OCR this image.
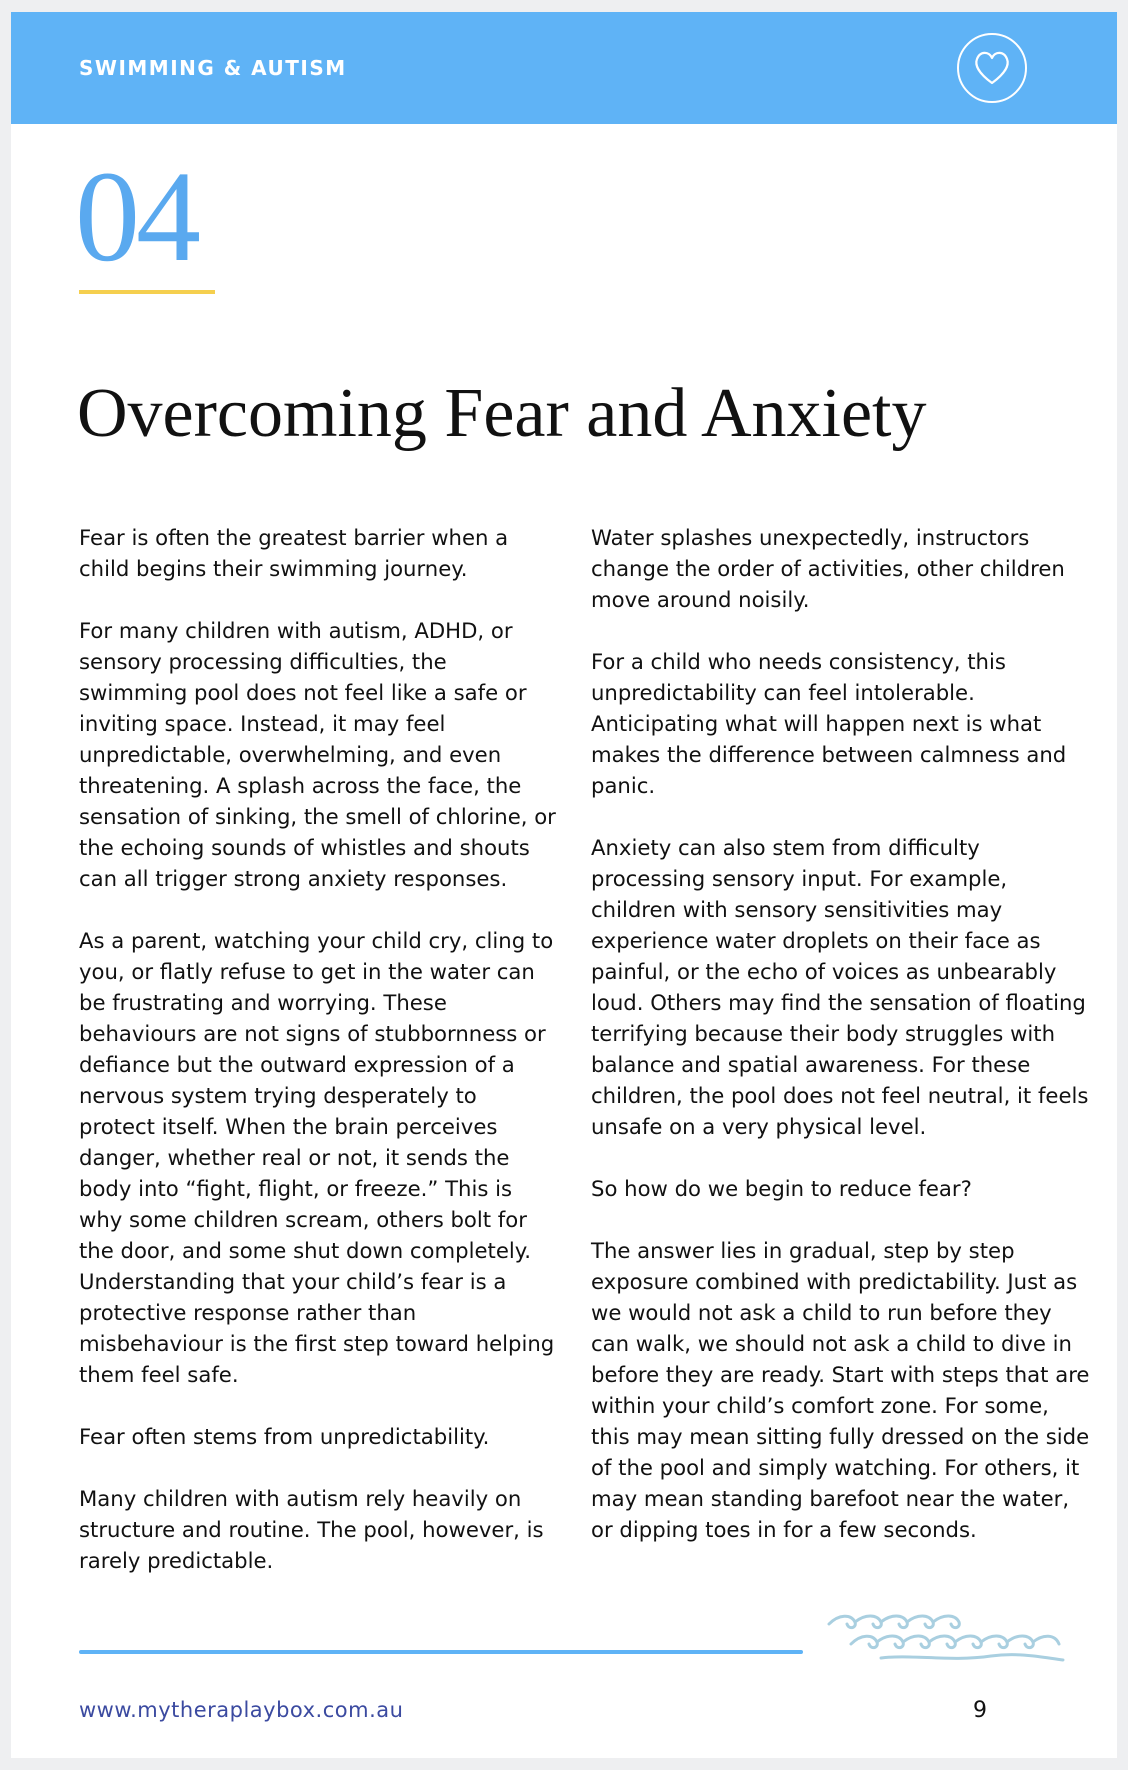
SWIMMING & AUTISM
04
Overcoming Fear and Anxiety

Fear is often the greatest barrier when a child begins their swimming journey.

For many children with autism, ADHD, or sensory processing difficulties, the swimming pool does not feel like a safe or inviting space. Instead, it may feel unpredictable, overwhelming, and even threatening. A splash across the face, the sensation of sinking, the smell of chlorine, or the echoing sounds of whistles and shouts can all trigger strong anxiety responses.

As a parent, watching your child cry, cling to you, or flatly refuse to get in the water can be frustrating and worrying. These behaviours are not signs of stubbornness or defiance but the outward expression of a nervous system trying desperately to protect itself. When the brain perceives danger, whether real or not, it sends the body into “fight, flight, or freeze.” This is why some children scream, others bolt for the door, and some shut down completely. Understanding that your child’s fear is a protective response rather than misbehaviour is the first step toward helping them feel safe.

Fear often stems from unpredictability.

Many children with autism rely heavily on structure and routine. The pool, however, is rarely predictable.

Water splashes unexpectedly, instructors change the order of activities, other children move around noisily.

For a child who needs consistency, this unpredictability can feel intolerable. Anticipating what will happen next is what makes the difference between calmness and panic.

Anxiety can also stem from difficulty processing sensory input. For example, children with sensory sensitivities may experience water droplets on their face as painful, or the echo of voices as unbearably loud. Others may find the sensation of floating terrifying because their body struggles with balance and spatial awareness. For these children, the pool does not feel neutral, it feels unsafe on a very physical level.

So how do we begin to reduce fear?

The answer lies in gradual, step by step exposure combined with predictability. Just as we would not ask a child to run before they can walk, we should not ask a child to dive in before they are ready. Start with steps that are within your child’s comfort zone. For some, this may mean sitting fully dressed on the side of the pool and simply watching. For others, it may mean standing barefoot near the water, or dipping toes in for a few seconds.

www.mytheraplaybox.com.au	9
